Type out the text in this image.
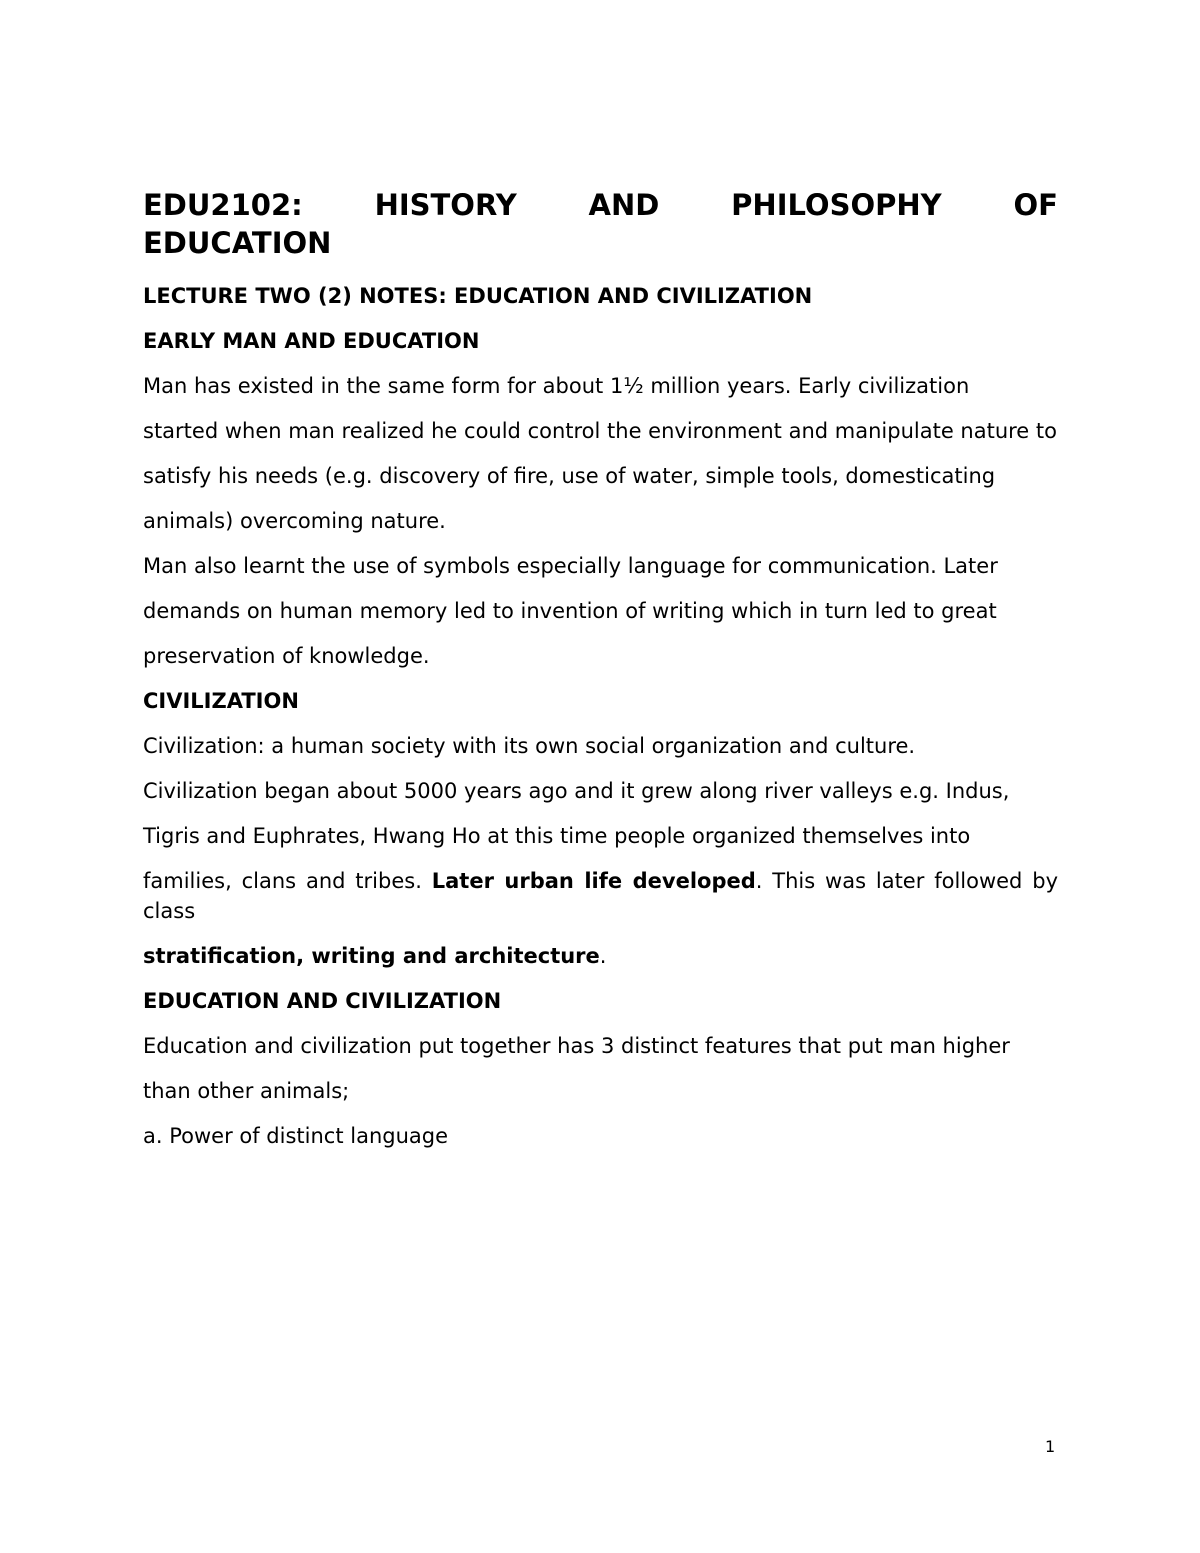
EDU2102: HISTORY AND PHILOSOPHY OF
EDUCATION
LECTURE TWO (2) NOTES: EDUCATION AND CIVILIZATION
EARLY MAN AND EDUCATION

Man has existed in the same form for about 1½ million years. Early civilization

started when man realized he could control the environment and manipulate nature to

satisfy his needs (e.g. discovery of fire, use of water, simple tools, domesticating

animals) overcoming nature.

Man also learnt the use of symbols especially language for communication. Later

demands on human memory led to invention of writing which in turn led to great

preservation of knowledge.

CIVILIZATION

Civilization: a human society with its own social organization and culture.

Civilization began about 5000 years ago and it grew along river valleys e.g. Indus,

Tigris and Euphrates, Hwang Ho at this time people organized themselves into

families, clans and tribes. Later urban life developed. This was later followed by class

stratification, writing and architecture.

EDUCATION AND CIVILIZATION

Education and civilization put together has 3 distinct features that put man higher

than other animals;

a. Power of distinct language

1
